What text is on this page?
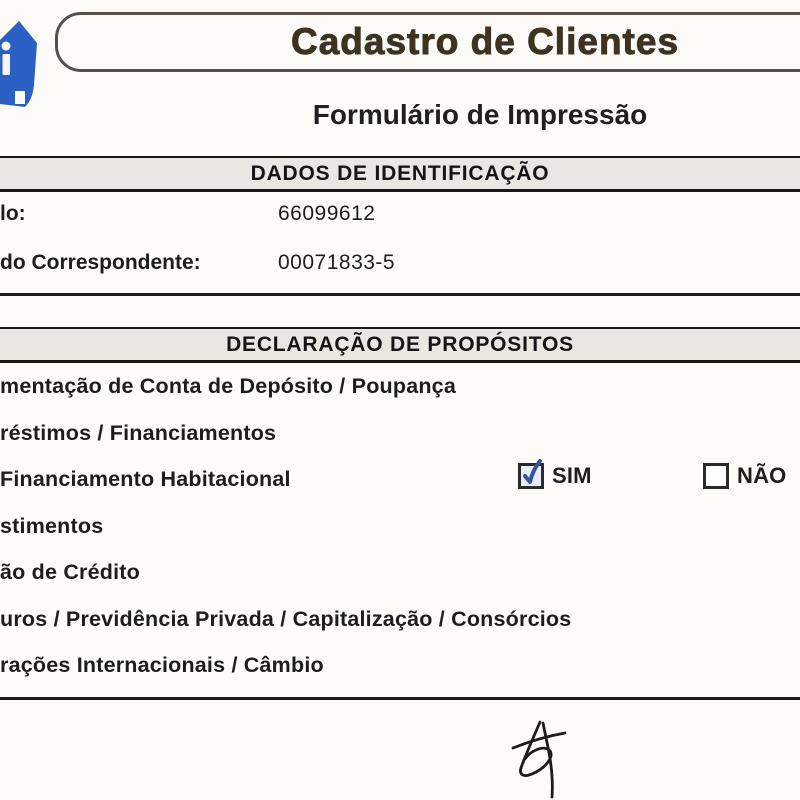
Cadastro de Clientes
Formulário de Impressão
DADOS DE IDENTIFICAÇÃO
lo:	66099612
do Correspondente:	00071833-5
DECLARAÇÃO DE PROPÓSITOS
mentação de Conta de Depósito / Poupança
réstimos / Financiamentos
Financiamento Habitacional	SIM	NÃO
stimentos
ão de Crédito
uros / Previdência Privada / Capitalização / Consórcios
rações Internacionais / Câmbio
